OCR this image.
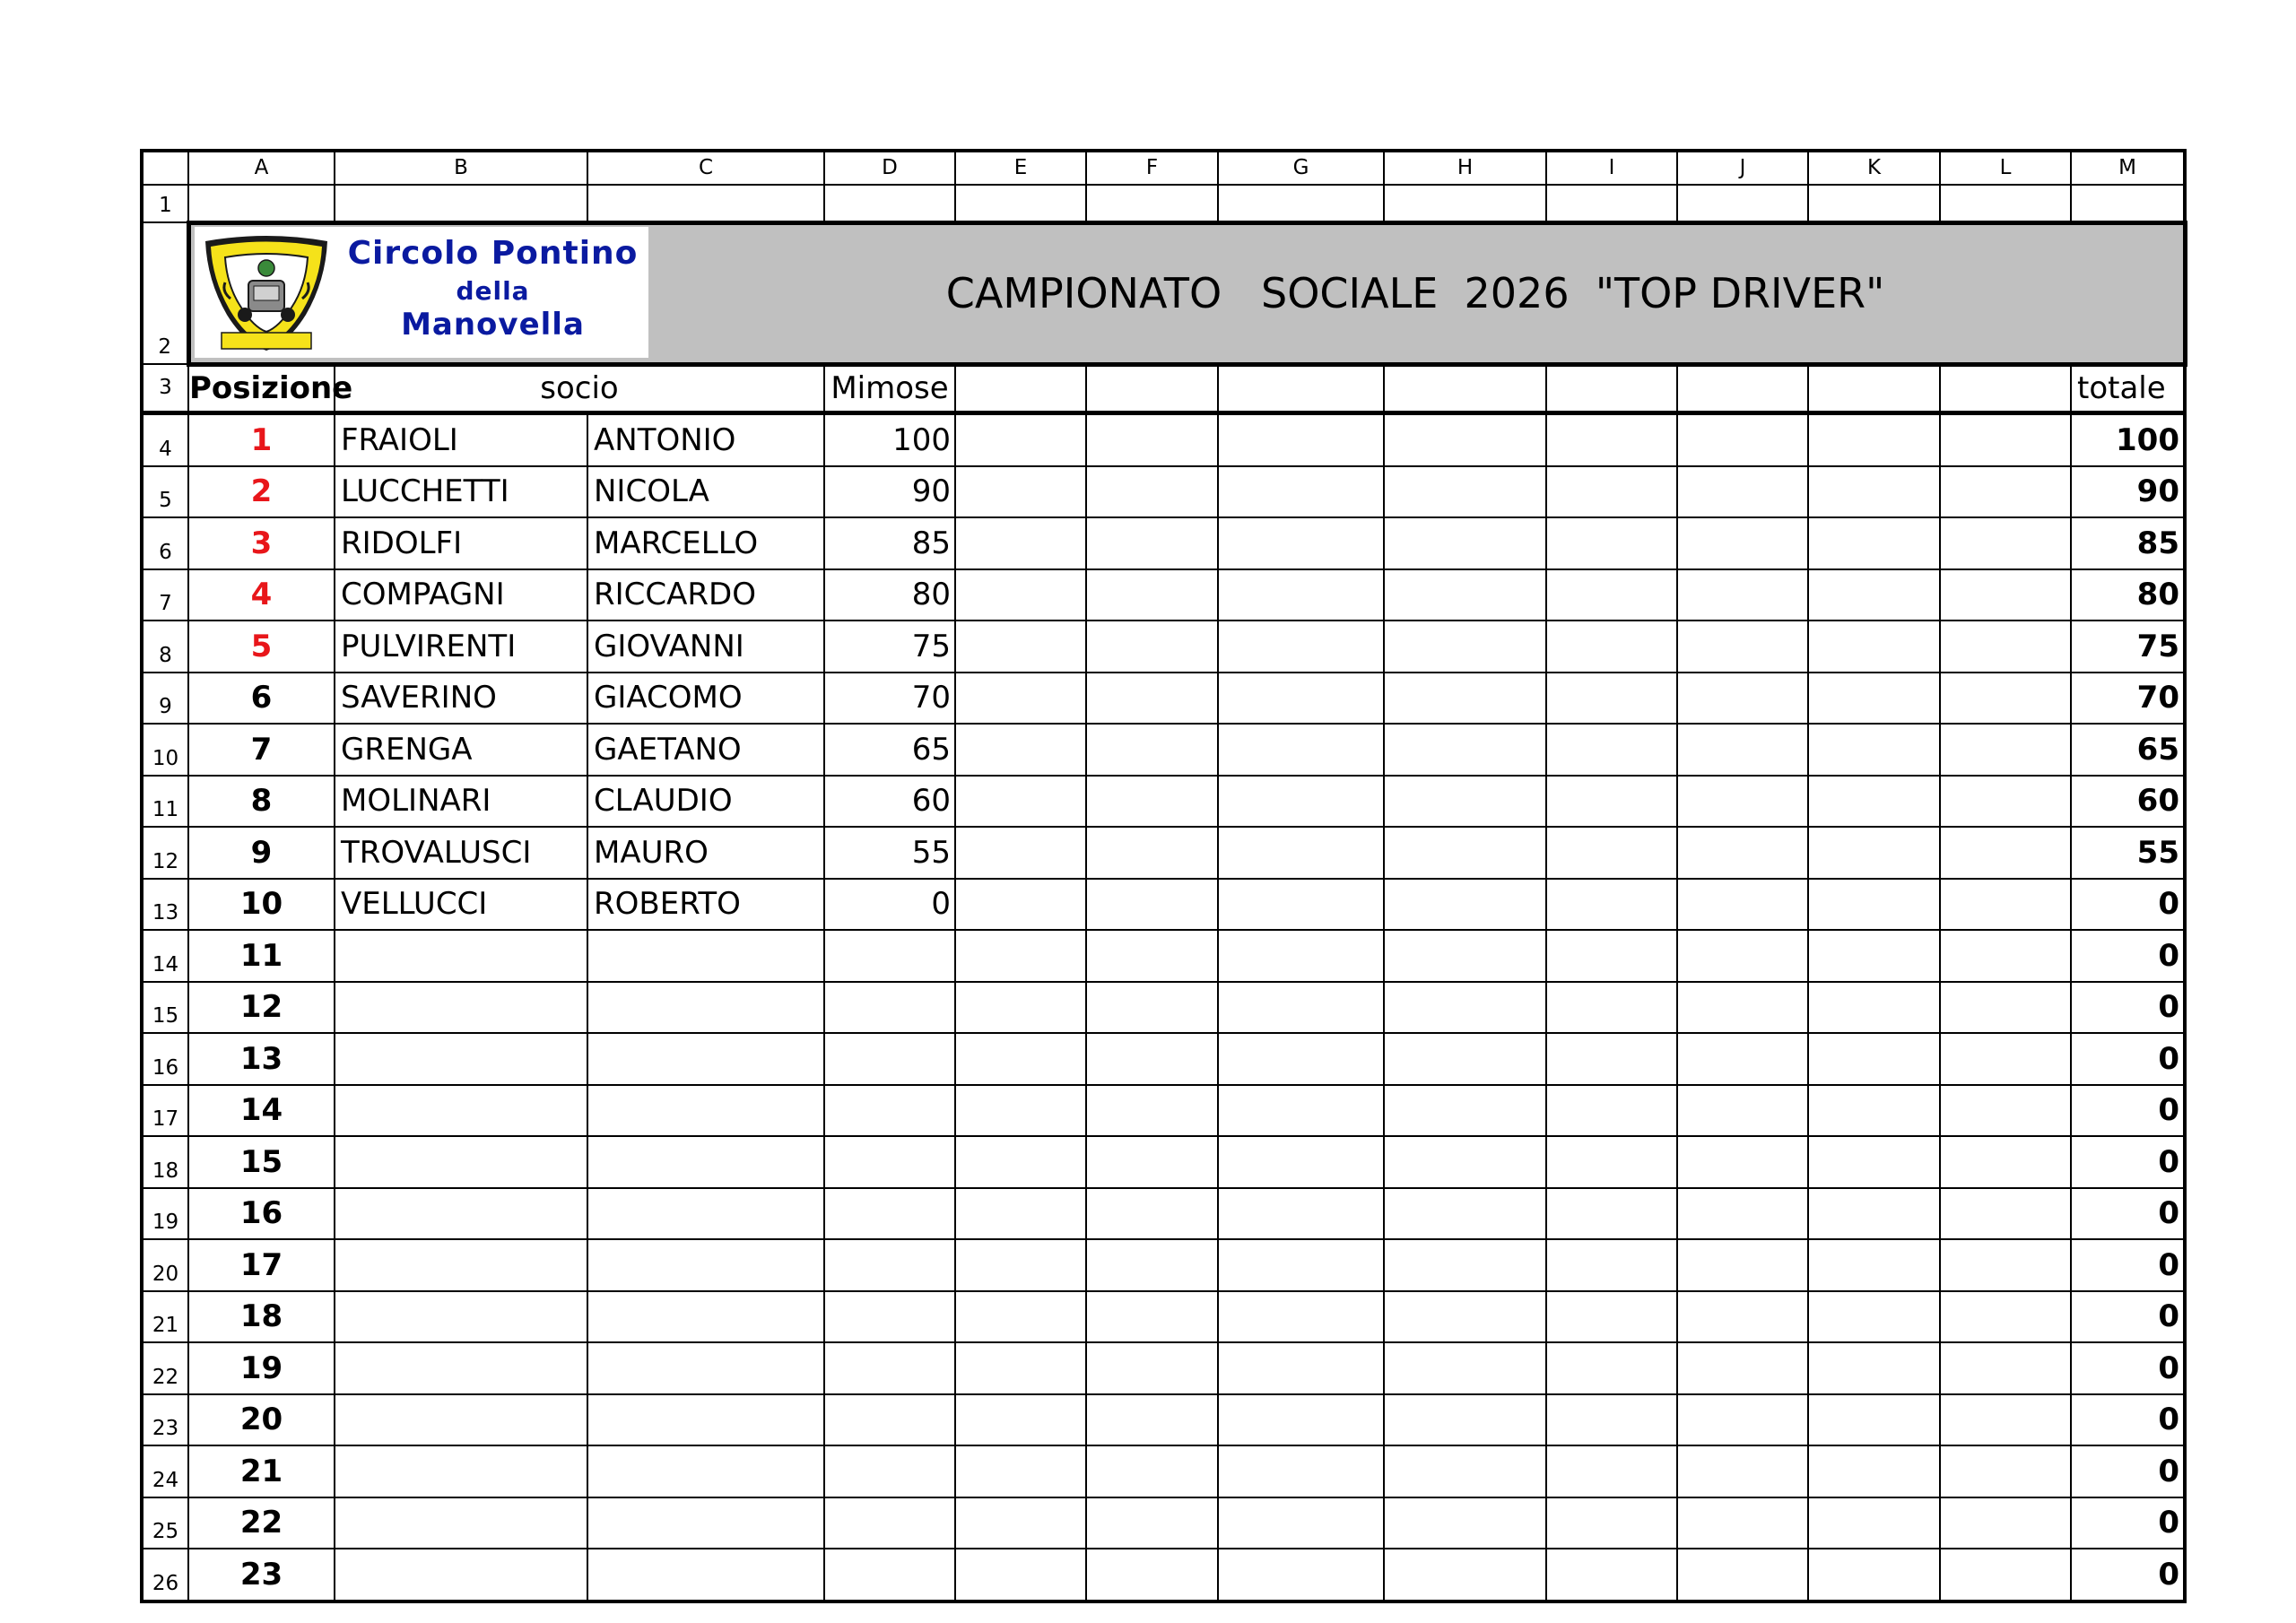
	A	B	C	D	E	F	G	H	I	J	K	L	M
1													
2	Circolo Pontino
della
Manovella
CAMPIONATO   SOCIALE  2026  "TOP DRIVER"												

3	Posizione	socio		Mimose									totale
4	1	FRAIOLI	ANTONIO	100									100
5	2	LUCCHETTI	NICOLA	90									90
6	3	RIDOLFI	MARCELLO	85									85
7	4	COMPAGNI	RICCARDO	80									80
8	5	PULVIRENTI	GIOVANNI	75									75
9	6	SAVERINO	GIACOMO	70									70
10	7	GRENGA	GAETANO	65									65
11	8	MOLINARI	CLAUDIO	60									60
12	9	TROVALUSCI	MAURO	55									55
13	10	VELLUCCI	ROBERTO	0									0
14	11												0
15	12												0
16	13												0
17	14												0
18	15												0
19	16												0
20	17												0
21	18												0
22	19												0
23	20												0
24	21												0
25	22												0
26	23												0
